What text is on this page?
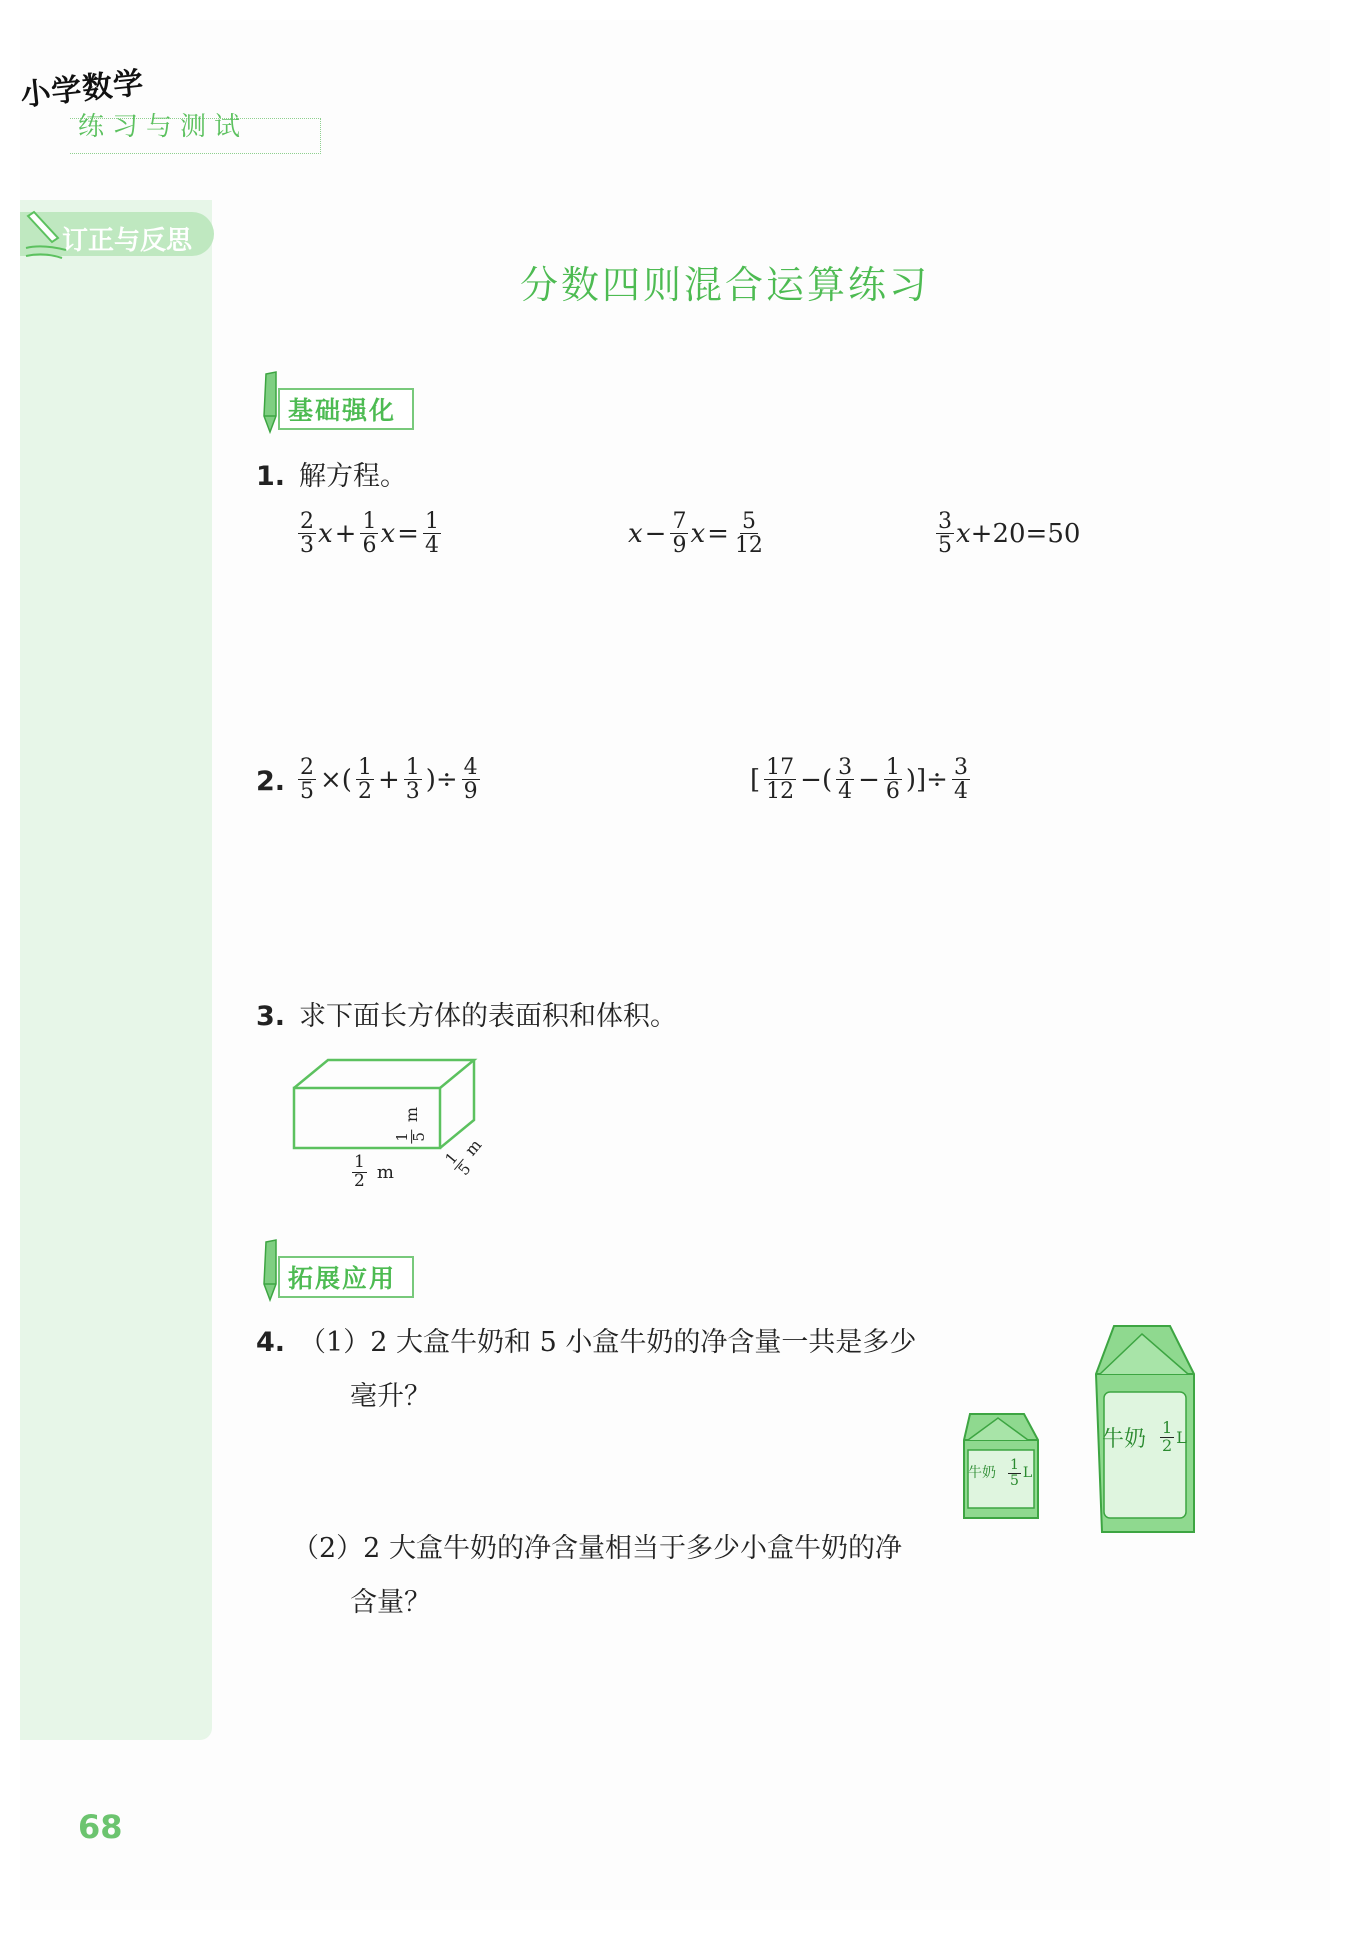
订正与反思
小学数学
练习与测试
分数四则混合运算练习
基础强化
1. 解方程。
$\frac{2}{3}$ $x + \frac{1}{6}$ $x = \frac{1}{4}$	$x - \frac{7}{9}$ $x = \frac{5}{12}$	$\frac{3}{5}$ x +20=50
2. $\frac{2}{5}$ ×( $\frac{1}{2} + \frac{1}{3}$ )÷ $\frac{4}{9}$	[ $\frac{17}{12}$ −( $\frac{3}{4} - \frac{1}{6}$ )]÷ $\frac{3}{4}$
3. 求下面长方体的表面积和体积。
$\frac{1}{2}$ m
1
5
m
1
5
m
拓展应用
4. （1）2 大盒牛奶和 5 小盒牛奶的净含量一共是多少
毫升？
（2）2 大盒牛奶的净含量相当于多少小盒牛奶的净
含量？
牛奶 $\frac{1}{5}$ L
牛奶 $\frac{1}{2}$ L
68
